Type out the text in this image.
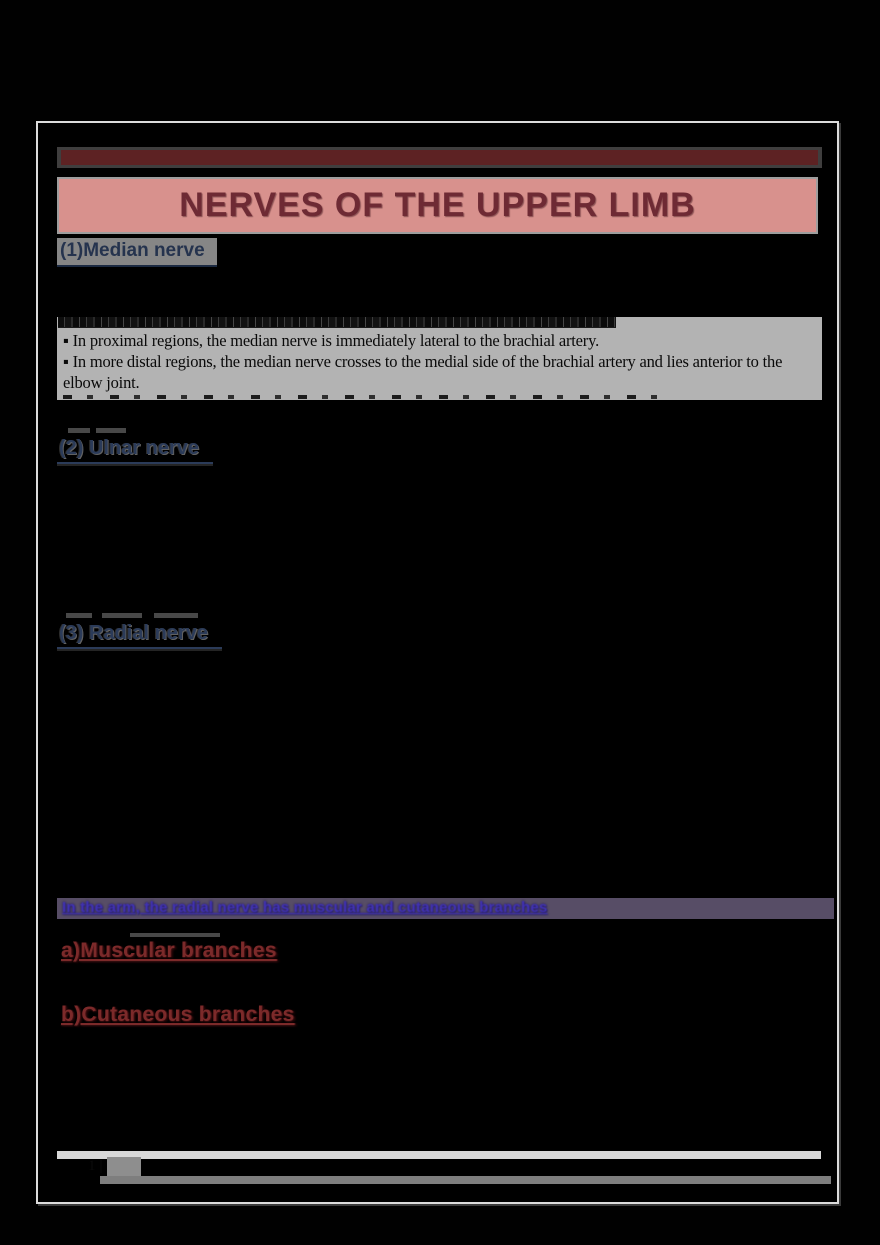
NERVES OF THE UPPER LIMB
(1)Median nerve

▪ In proximal regions, the median nerve is immediately lateral to the brachial artery.

▪ In more distal regions, the median nerve crosses to the medial side of the brachial artery and lies anterior to the elbow joint.

(2) Ulnar nerve
(3) Radial nerve
In the arm, the radial nerve has muscular and cutaneous branches
a)Muscular branches
b)Cutaneous branches
1 |
